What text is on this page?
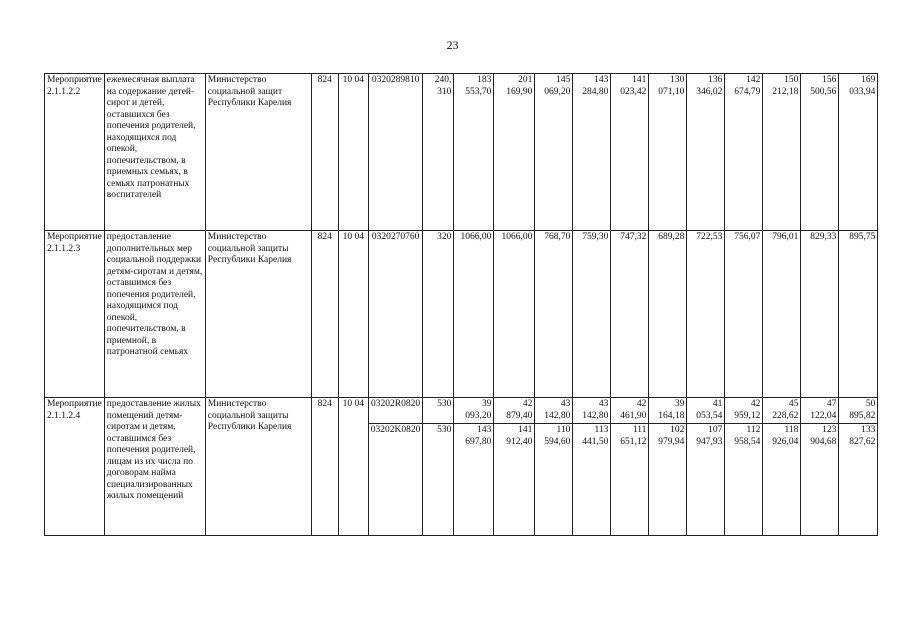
23
Мероприятие 2.1.1.2.2	ежемесячная выплата на содержание детей-сирот и детей, оставшихся без попечения родителей, находящихся под опекой, попечительством, в приемных семьях, в семьях патронатных воспитателей	Министерство социальной защит Республики Карелия	824	10 04	0320289810	240, 310	183 553,70	201 169,90	145 069,20	143 284,80	141 023,42	130 071,10	136 346,02	142 674,79	150 212,18	156 500,56	169 033,94
Мероприятие 2.1.1.2.3	предоставление дополнительных мер социальной поддержки детям-сиротам и детям, оставшимся без попечения родителей, находящимся под опекой, попечительством, в приемной, в патронатной семьях	Министерство социальной защиты Республики Карелия	824	10 04	0320270760	320	1066,00	1066,00	768,70	759,30	747,32	689,28	722,53	756,07	796,01	829,33	895,75
Мероприятие 2.1.1.2.4	предоставление жилых помещений детям-сиротам и детям, оставшимся без попечения родителей, лицам из их числа по договорам найма специализированных жилых помещений	Министерство социальной защиты Республики Карелия	824	10 04	03202R0820	530	39 093,20	42 879,40	43 142,80	43 142,80	42 461,90	39 164,18	41 053,54	42 959,12	45 228,62	47 122,04	50 895,82
					03202K0820	530	143 697,80	141 912,40	110 594,60	113 441,50	111 651,12	102 979,94	107 947,93	112 958,54	118 926,04	123 904,68	133 827,62
